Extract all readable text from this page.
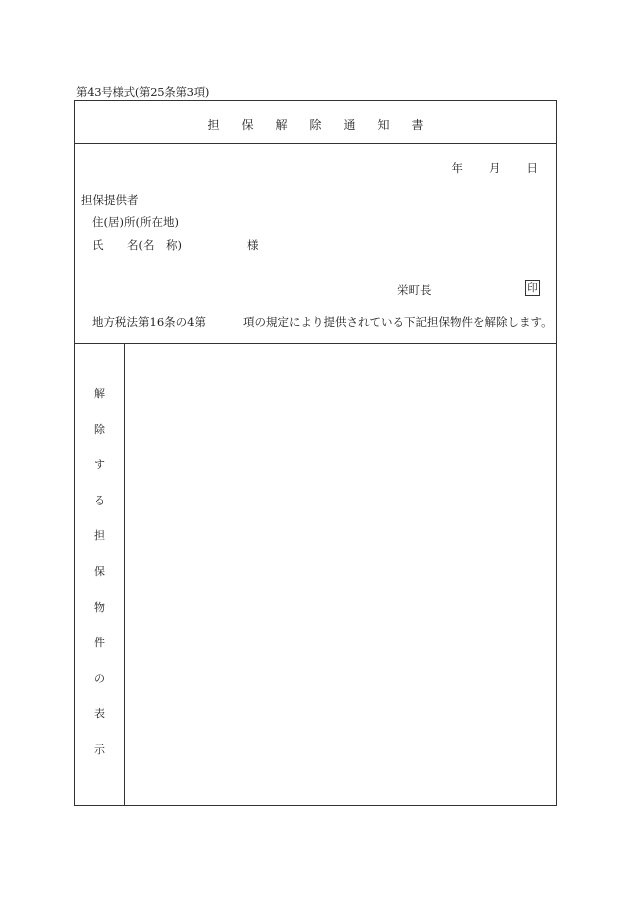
第43号様式(第25条第3項)
担 保 解 除 通 知 書
年 月 日
担保提供者
住(居)所(所在地)
氏 名(名　称)	様
栄町長	印
地方税法第16条の4第	項の規定により提供されている下記担保物件を解除します。
解
除
す
る
担
保
物
件
の
表
示
